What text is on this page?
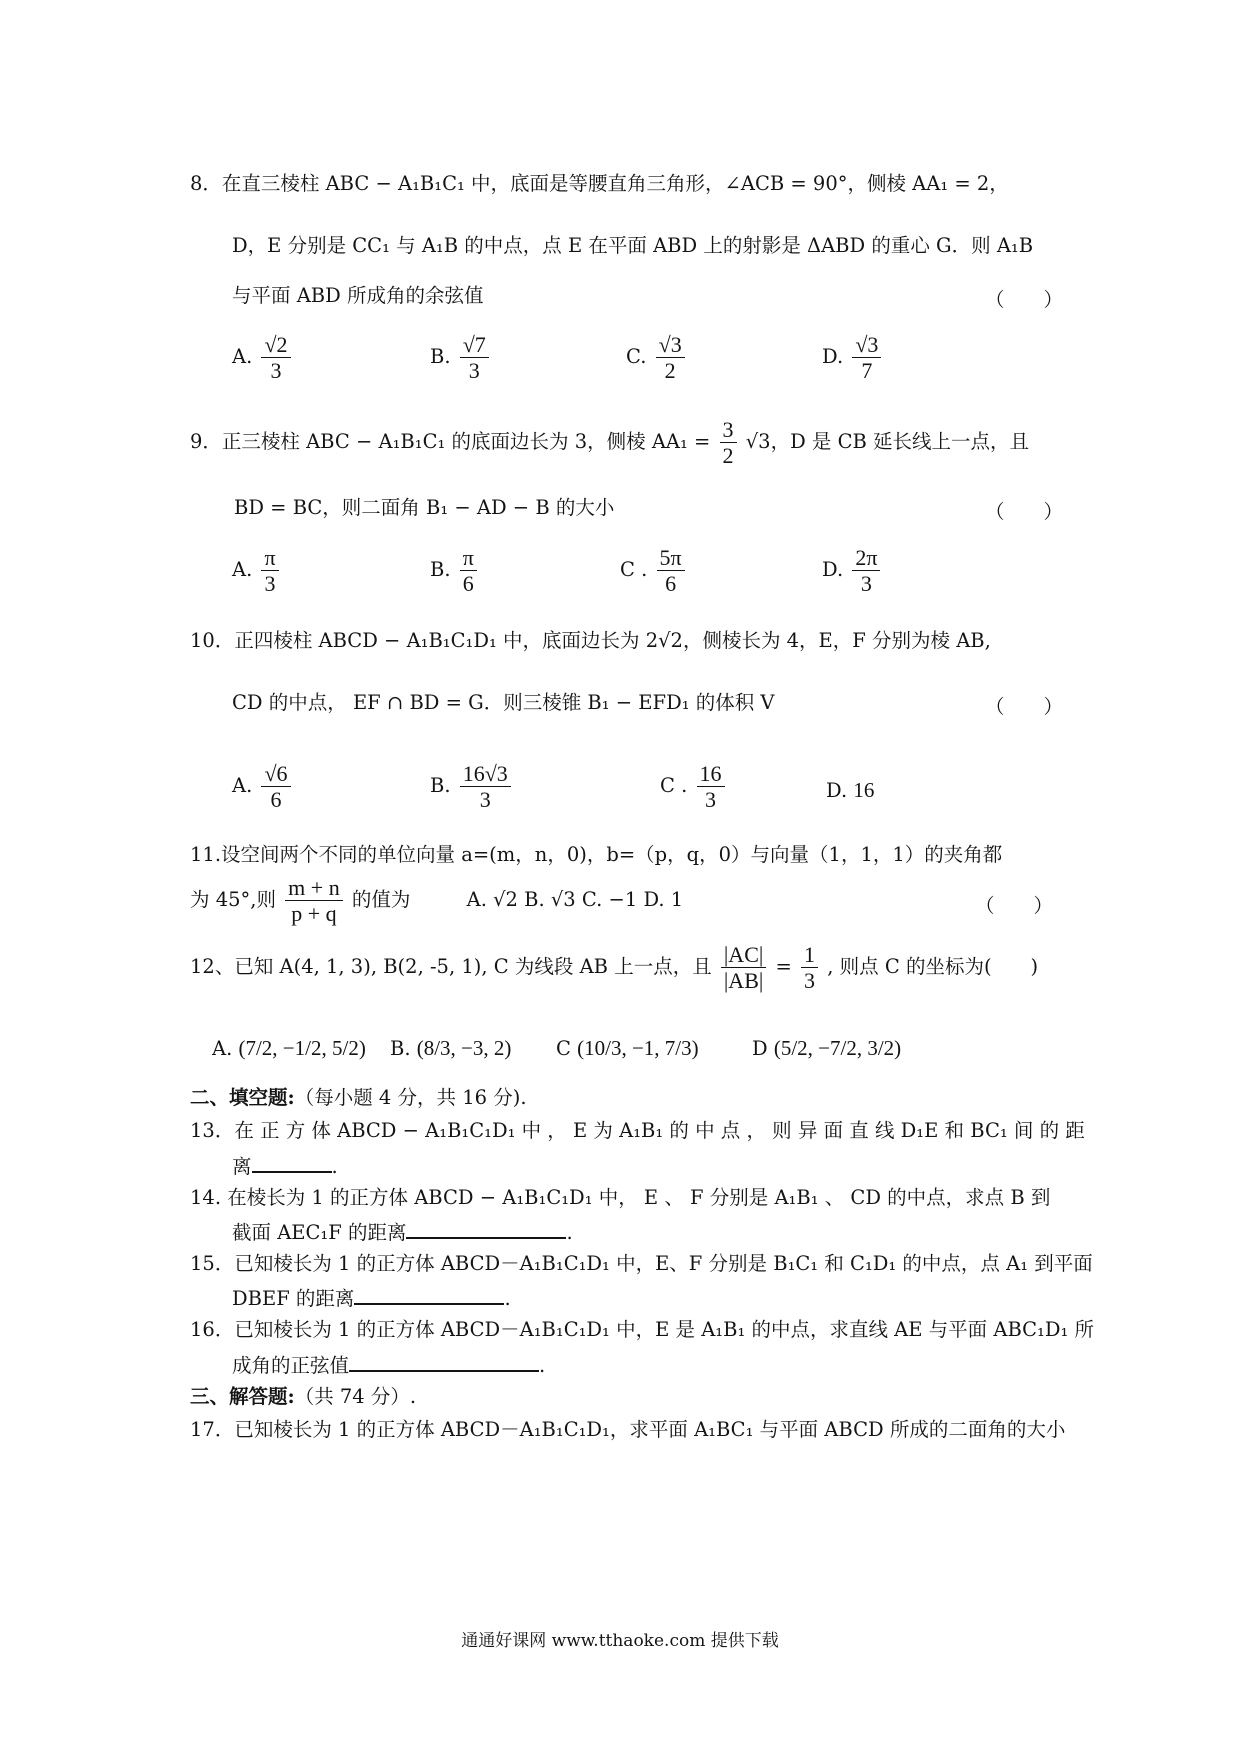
8．在直三棱柱 ABC − A₁B₁C₁ 中，底面是等腰直角三角形，∠ACB = 90°，侧棱 AA₁ = 2，
D，E 分别是 CC₁ 与 A₁B 的中点，点 E 在平面 ABD 上的射影是 ΔABD 的重心 G．则 A₁B
与平面 ABD 所成角的余弦值	（　　）
A. $\frac{√2}{3}$	B. $\frac{√7}{3}$	C. $\frac{√3}{2}$	D. $\frac{√3}{7}$
9．正三棱柱 ABC − A₁B₁C₁ 的底面边长为 3，侧棱 $AA_1 = \frac{3}{2} √3$，D 是 CB 延长线上一点，且
BD = BC，则二面角 B₁ − AD − B 的大小	（　　）
A. $\frac{\pi}{3}$	B. $\frac{\pi}{6}$	C . $\frac{5\pi}{6}$	D. $\frac{2\pi}{3}$
10．正四棱柱 ABCD − A₁B₁C₁D₁ 中，底面边长为 2√2，侧棱长为 4，E，F 分别为棱 AB,
CD 的中点， EF ∩ BD = G．则三棱锥 B₁ − EFD₁ 的体积 V	（　　）
A. $\frac{√6}{6}$	B. $\frac{16√3}{3}$	C . $\frac{16}{3}$	D. 16
11.设空间两个不同的单位向量 a=(m，n，0)，b=（p，q，0）与向量（1，1，1）的夹角都
为 45°,则 $\frac{m + n}{p + q}$ 的值为	A. √2 B. √3 C. −1 D. 1	（　　）
12、已知 A(4, 1, 3), B(2, -5, 1), C 为线段 AB 上一点，且 $\frac{|AC|}{|AB|} = \frac{1}{3}$ , 则点 C 的坐标为(　　)
A. (7/2, −1/2, 5/2) B. (8/3, −3, 2) C (10/3, −1, 7/3)	D (5/2, −7/2, 3/2)
二、填空题:（每小题 4 分，共 16 分).
13．在 正 方 体 ABCD − A₁B₁C₁D₁ 中 ， E 为 A₁B₁ 的 中 点 ， 则 异 面 直 线 D₁E 和 BC₁ 间 的 距
离	.
14. 在棱长为 1 的正方体 ABCD − A₁B₁C₁D₁ 中， E 、 F 分别是 A₁B₁ 、 CD 的中点，求点 B 到
截面 AEC₁F 的距离	.
15．已知棱长为 1 的正方体 ABCD－A₁B₁C₁D₁ 中，E、F 分别是 B₁C₁ 和 C₁D₁ 的中点，点 A₁ 到平面
DBEF 的距离	.
16．已知棱长为 1 的正方体 ABCD－A₁B₁C₁D₁ 中，E 是 A₁B₁ 的中点，求直线 AE 与平面 ABC₁D₁ 所
成角的正弦值	.
三、解答题:（共 74 分）.
17．已知棱长为 1 的正方体 ABCD－A₁B₁C₁D₁，求平面 A₁BC₁ 与平面 ABCD 所成的二面角的大小
通通好课网 www.tthaoke.com 提供下载
